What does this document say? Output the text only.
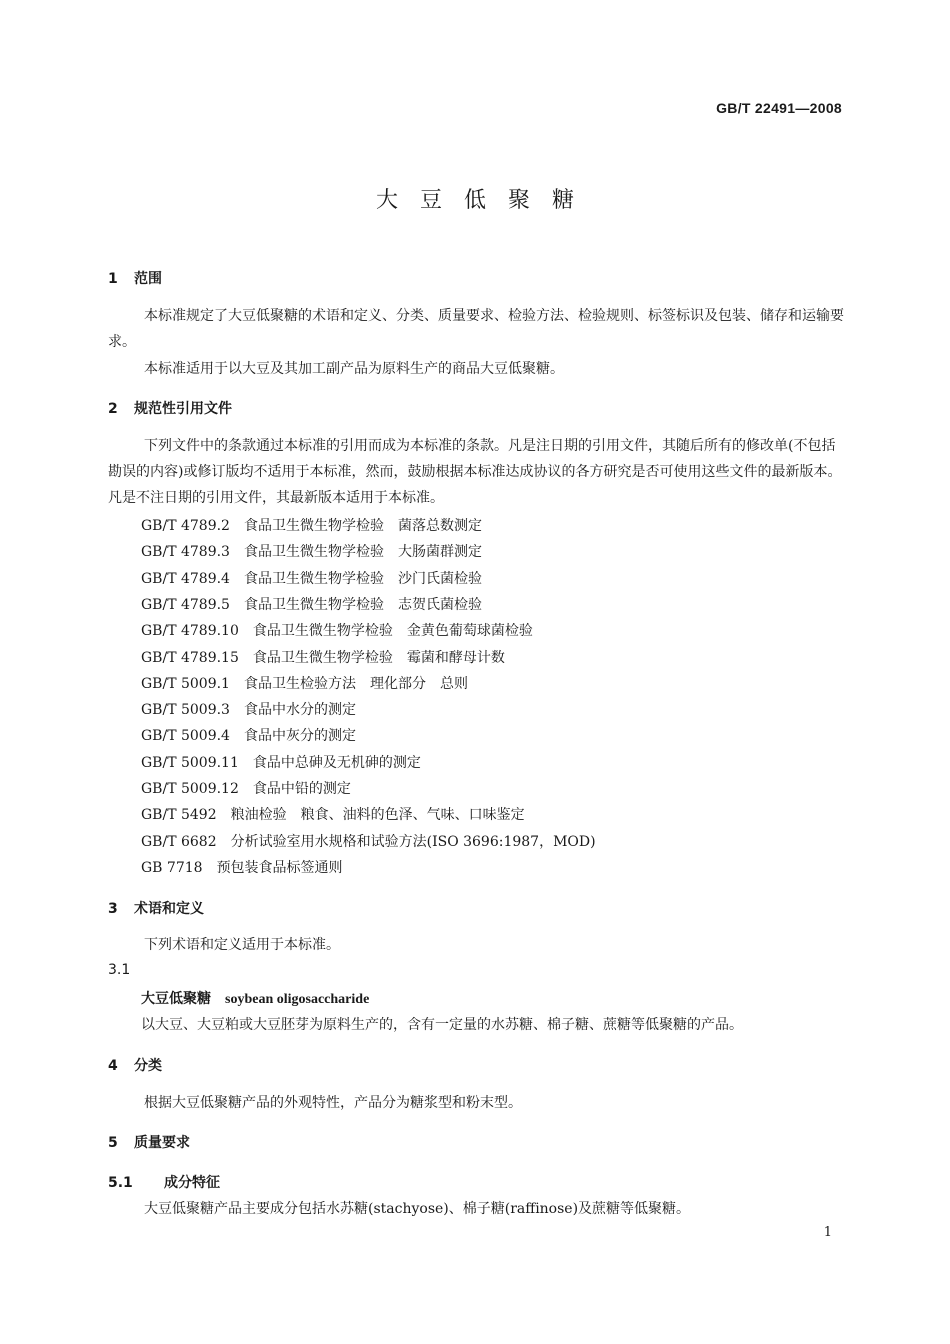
GB/T 22491—2008
大豆低聚糖
1 范围
本标准规定了大豆低聚糖的术语和定义、分类、质量要求、检验方法、检验规则、标签标识及包装、储存和运输要求。
本标准适用于以大豆及其加工副产品为原料生产的商品大豆低聚糖。
2 规范性引用文件
下列文件中的条款通过本标准的引用而成为本标准的条款。凡是注日期的引用文件，其随后所有的修改单(不包括勘误的内容)或修订版均不适用于本标准，然而，鼓励根据本标准达成协议的各方研究是否可使用这些文件的最新版本。凡是不注日期的引用文件，其最新版本适用于本标准。
GB/T 4789.2　 食品卫生微生物学检验　菌落总数测定
GB/T 4789.3　 食品卫生微生物学检验　大肠菌群测定
GB/T 4789.4　 食品卫生微生物学检验　沙门氏菌检验
GB/T 4789.5　 食品卫生微生物学检验　志贺氏菌检验
GB/T 4789.10　 食品卫生微生物学检验　金黄色葡萄球菌检验
GB/T 4789.15　 食品卫生微生物学检验　霉菌和酵母计数
GB/T 5009.1　 食品卫生检验方法　理化部分　总则
GB/T 5009.3　 食品中水分的测定
GB/T 5009.4　 食品中灰分的测定
GB/T 5009.11　 食品中总砷及无机砷的测定
GB/T 5009.12　 食品中铅的测定
GB/T 5492　 粮油检验　粮食、油料的色泽、气味、口味鉴定
GB/T 6682　 分析试验室用水规格和试验方法(ISO 3696:1987，MOD)
GB 7718　 预包装食品标签通则
3 术语和定义
下列术语和定义适用于本标准。
3.1
大豆低聚糖 soybean oligosaccharide
以大豆、大豆粕或大豆胚芽为原料生产的，含有一定量的水苏糖、棉子糖、蔗糖等低聚糖的产品。
4 分类
根据大豆低聚糖产品的外观特性，产品分为糖浆型和粉末型。
5 质量要求
5.1 成分特征
大豆低聚糖产品主要成分包括水苏糖(stachyose)、棉子糖(raffinose)及蔗糖等低聚糖。
1
